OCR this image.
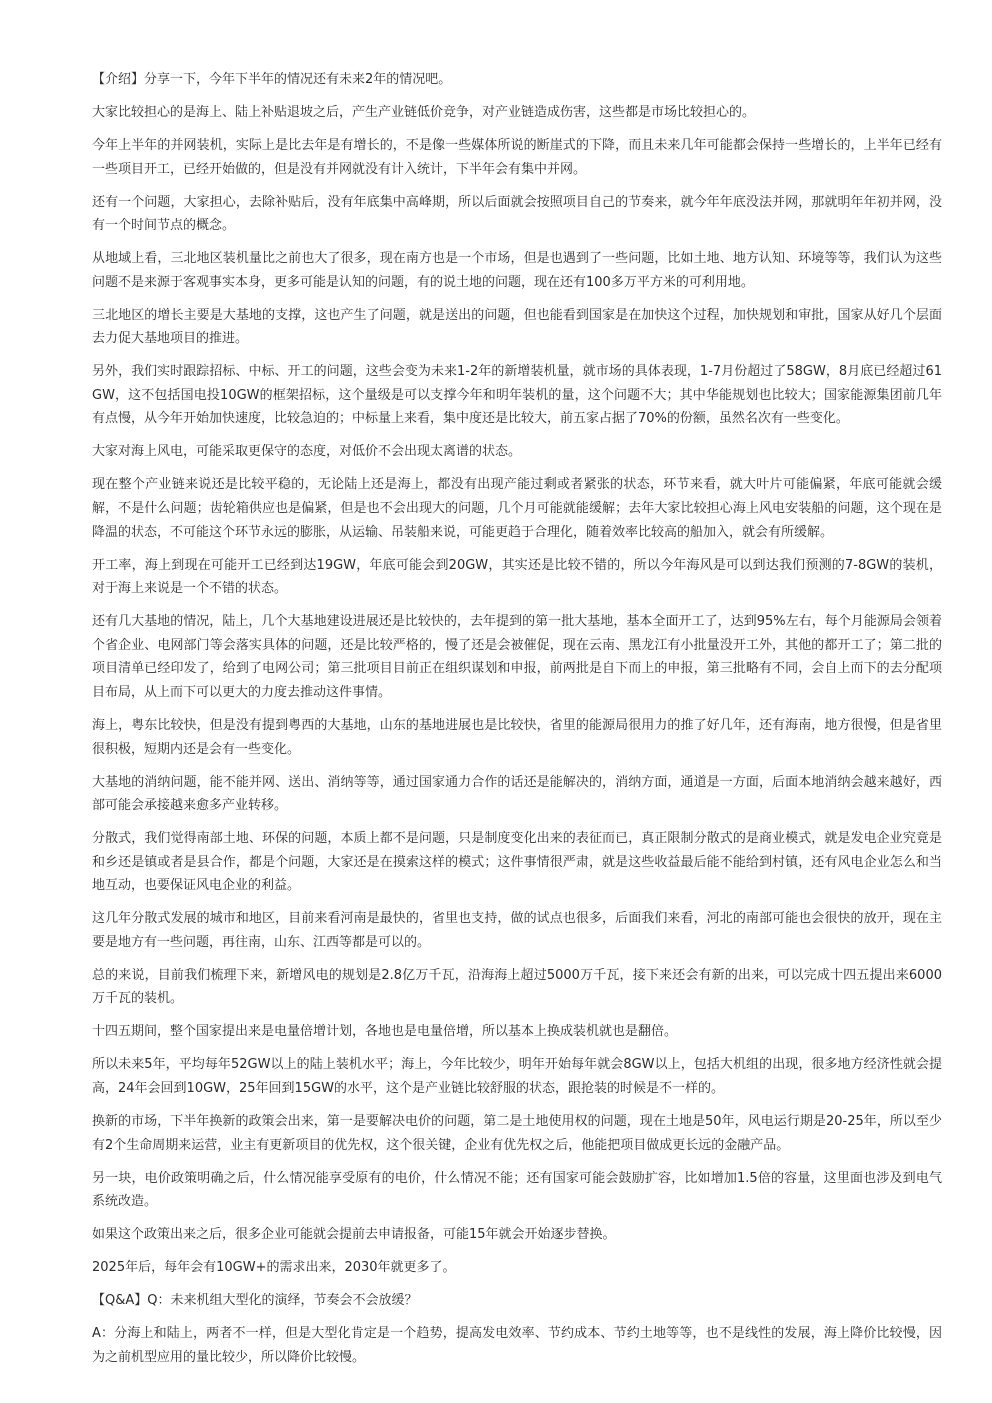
【介绍】分享一下，今年下半年的情况还有未来2年的情况吧。

大家比较担心的是海上、陆上补贴退坡之后，产生产业链低价竞争，对产业链造成伤害，这些都是市场比较担心的。

今年上半年的并网装机，实际上是比去年是有增长的，不是像一些媒体所说的断崖式的下降，而且未来几年可能都会保持一些增长的，上半年已经有一些项目开工，已经开始做的，但是没有并网就没有计入统计，下半年会有集中并网。

还有一个问题，大家担心，去除补贴后，没有年底集中高峰期，所以后面就会按照项目自己的节奏来，就今年年底没法并网，那就明年年初并网，没有一个时间节点的概念。

从地域上看，三北地区装机量比之前也大了很多，现在南方也是一个市场，但是也遇到了一些问题，比如土地、地方认知、环境等等，我们认为这些问题不是来源于客观事实本身，更多可能是认知的问题，有的说土地的问题，现在还有100多万平方米的可利用地。

三北地区的增长主要是大基地的支撑，这也产生了问题，就是送出的问题，但也能看到国家是在加快这个过程，加快规划和审批，国家从好几个层面去力促大基地项目的推进。

另外，我们实时跟踪招标、中标、开工的问题，这些会变为未来1-2年的新增装机量，就市场的具体表现，1-7月份超过了58GW，8月底已经超过61GW，这不包括国电投10GW的框架招标，这个量级是可以支撑今年和明年装机的量，这个问题不大；其中华能规划也比较大；国家能源集团前几年有点慢，从今年开始加快速度，比较急迫的；中标量上来看，集中度还是比较大，前五家占据了70%的份额，虽然名次有一些变化。

大家对海上风电，可能采取更保守的态度，对低价不会出现太离谱的状态。

现在整个产业链来说还是比较平稳的，无论陆上还是海上，都没有出现产能过剩或者紧张的状态，环节来看，就大叶片可能偏紧，年底可能就会缓解，不是什么问题；齿轮箱供应也是偏紧，但是也不会出现大的问题，几个月可能就能缓解；去年大家比较担心海上风电安装船的问题，这个现在是降温的状态，不可能这个环节永远的膨胀，从运输、吊装船来说，可能更趋于合理化，随着效率比较高的船加入，就会有所缓解。

开工率，海上到现在可能开工已经到达19GW，年底可能会到20GW，其实还是比较不错的，所以今年海风是可以到达我们预测的7-8GW的装机，对于海上来说是一个不错的状态。

还有几大基地的情况，陆上，几个大基地建设进展还是比较快的，去年提到的第一批大基地，基本全面开工了，达到95%左右，每个月能源局会领着个省企业、电网部门等会落实具体的问题，还是比较严格的，慢了还是会被催促，现在云南、黑龙江有小批量没开工外，其他的都开工了；第二批的项目清单已经印发了，给到了电网公司；第三批项目目前正在组织谋划和申报，前两批是自下而上的申报，第三批略有不同，会自上而下的去分配项目布局，从上而下可以更大的力度去推动这件事情。

海上，粤东比较快，但是没有提到粤西的大基地，山东的基地进展也是比较快，省里的能源局很用力的推了好几年，还有海南，地方很慢，但是省里很积极，短期内还是会有一些变化。

大基地的消纳问题，能不能并网、送出、消纳等等，通过国家通力合作的话还是能解决的，消纳方面，通道是一方面，后面本地消纳会越来越好，西部可能会承接越来愈多产业转移。

分散式，我们觉得南部土地、环保的问题，本质上都不是问题，只是制度变化出来的表征而已，真正限制分散式的是商业模式，就是发电企业究竟是和乡还是镇或者是县合作，都是个问题，大家还是在摸索这样的模式；这件事情很严肃，就是这些收益最后能不能给到村镇，还有风电企业怎么和当地互动，也要保证风电企业的利益。

这几年分散式发展的城市和地区，目前来看河南是最快的，省里也支持，做的试点也很多，后面我们来看，河北的南部可能也会很快的放开，现在主要是地方有一些问题，再往南，山东、江西等都是可以的。

总的来说，目前我们梳理下来，新增风电的规划是2.8亿万千瓦，沿海海上超过5000万千瓦，接下来还会有新的出来，可以完成十四五提出来6000万千瓦的装机。

十四五期间，整个国家提出来是电量倍增计划，各地也是电量倍增，所以基本上换成装机就也是翻倍。

所以未来5年，平均每年52GW以上的陆上装机水平；海上，今年比较少，明年开始每年就会8GW以上，包括大机组的出现，很多地方经济性就会提高，24年会回到10GW，25年回到15GW的水平，这个是产业链比较舒服的状态，跟抢装的时候是不一样的。

换新的市场，下半年换新的政策会出来，第一是要解决电价的问题，第二是土地使用权的问题，现在土地是50年，风电运行期是20-25年，所以至少有2个生命周期来运营，业主有更新项目的优先权，这个很关键，企业有优先权之后，他能把项目做成更长远的金融产品。

另一块，电价政策明确之后，什么情况能享受原有的电价，什么情况不能；还有国家可能会鼓励扩容，比如增加1.5倍的容量，这里面也涉及到电气系统改造。

如果这个政策出来之后，很多企业可能就会提前去申请报备，可能15年就会开始逐步替换。

2025年后，每年会有10GW+的需求出来，2030年就更多了。

【Q&A】Q：未来机组大型化的演绎，节奏会不会放缓？

A：分海上和陆上，两者不一样，但是大型化肯定是一个趋势，提高发电效率、节约成本、节约土地等等，也不是线性的发展，海上降价比较慢，因为之前机型应用的量比较少，所以降价比较慢。
